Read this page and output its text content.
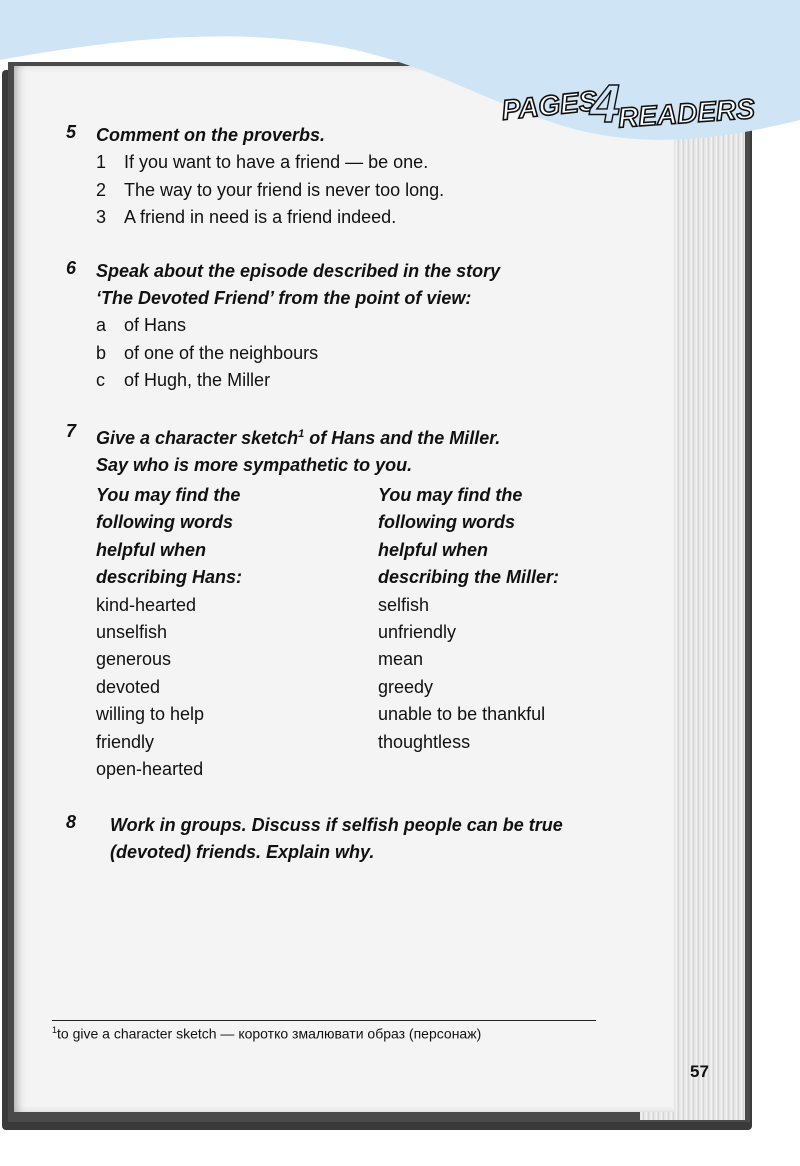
PAGES
4
READERS
5 Comment on the proverbs.
1 If you want to have a friend — be one.
2 The way to your friend is never too long.
3 A friend in need is a friend indeed.
6 Speak about the episode described in the story
‘The Devoted Friend’ from the point of view:
a of Hans
b of one of the neighbours
c	of Hugh, the Miller
7 Give a character sketch$^1$ of Hans and the Miller.
Say who is more sympathetic to you.
You may find the
following words
helpful when
describing Hans:
kind-hearted
unselfish
generous
devoted
willing to help
friendly
open-hearted
You may find the
following words
helpful when
describing the Miller:
selfish
unfriendly
mean
greedy
unable to be thankful
thoughtless
8 Work in groups. Discuss if selfish people can be true
(devoted) friends. Explain why.
$^1$to give a character sketch — коротко змалювати образ (персонаж)
57
